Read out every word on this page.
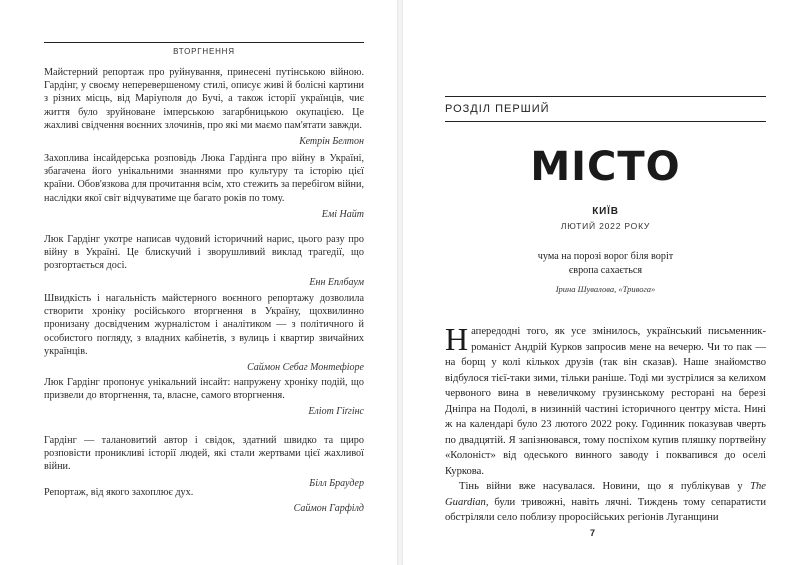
ВТОРГНЕННЯ

Майстерний репортаж про руйнування, принесені путінською війною. Гардінг, у своєму неперевершеному стилі, описує живі й болісні картини з різних місць, від Маріуполя до Бучі, а також історії українців, чиє життя було зруйноване імперською загарбницькою окупацією. Це жахливі свідчення воєнних злочинів, про які ми маємо пам'ятати завжди.

Кетрін Белтон

Захоплива інсайдерська розповідь Люка Гардінга про війну в Україні, збагачена його унікальними знаннями про культуру та історію цієї країни. Обов'язкова для прочитання всім, хто стежить за перебігом війни, наслідки якої світ відчуватиме ще багато років по тому.

Емі Найт

Люк Гардінг укотре написав чудовий історичний нарис, цього разу про війну в Україні. Це блискучий і зворушливий виклад трагедії, що розгортається досі.

Енн Еплбаум

Швидкість і нагальність майстерного воєнного репортажу дозволила створити хроніку російського вторгнення в Україну, щохвилинно пронизану досвідченим журналістом і аналітиком — з політичного й особистого погляду, з владних кабінетів, з вулиць і квартир звичайних українців.

Саймон Себаг Монтефіоре

Люк Гардінг пропонує унікальний інсайт: напружену хроніку подій, що призвели до вторгнення, та, власне, самого вторгнення.

Еліот Гіґгінс

Гардінг — талановитий автор і свідок, здатний швидко та щиро розповісти проникливі історії людей, які стали жертвами цієї жахливої війни.

Білл Браудер

Репортаж, від якого захоплює дух.

Саймон Гарфілд
РОЗДІЛ ПЕРШИЙ
МІСТО
КИЇВ
ЛЮТИЙ 2022 РОКУ
чума на порозі ворог біля воріт
європа сахається
Ірина Шувалова, «Тривога»

Напередодні того, як усе змінилось, український письменник-романіст Андрій Курков запросив мене на вечерю. Чи то пак — на борщ у колі кількох друзів (так він сказав). Наше знайомство відбулося тієї-таки зими, тільки раніше. Тоді ми зустрілися за келихом червоного вина в невеличкому грузинському ресторані на березі Дніпра на Подолі, в низинній частині історичного центру міста. Нині ж на календарі було 23 лютого 2022 року. Годинник показував чверть по двадцятій. Я запізнювався, тому поспіхом купив пляшку портвейну «Колоніст» від одеського винного заводу і поквапився до оселі Куркова.

Тінь війни вже насувалася. Новини, що я публікував у The Guardian, були тривожні, навіть лячні. Тиждень тому сепаратисти обстріляли село поблизу проросійських регіонів Луганщини

7
